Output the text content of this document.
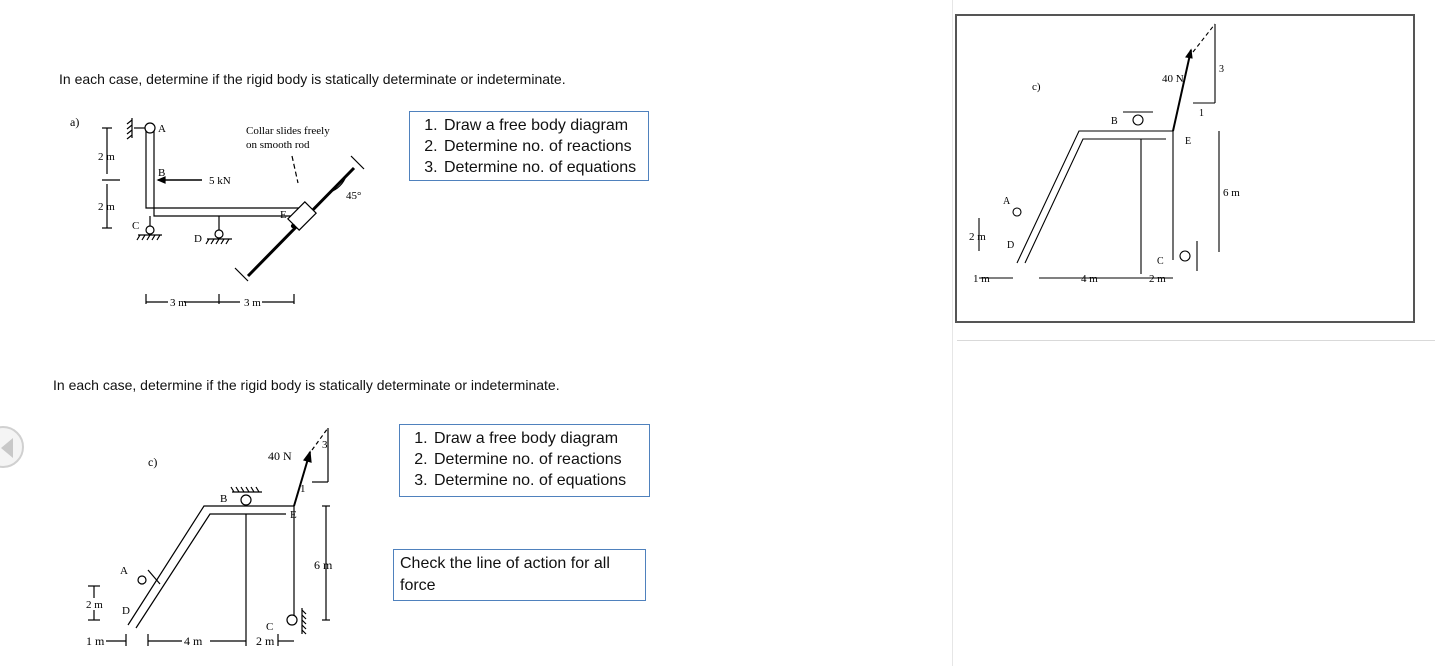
In each case, determine if the rigid body is statically determinate or indeterminate.
a)	A
B
C
D
E
5 kN
Collar slides freely
on smooth rod
45°
2 m
2 m
3 m	3 m
1. Draw a free body diagram
2. Determine no. of reactions
3. Determine no. of equations
c)
40 N
3
1
B
E
6 m
A
D
C
2 m
1 m	4 m	2 m
In each case, determine if the rigid body is statically determinate or indeterminate.
c)	40 N
3
1
B
E
6 m
A
D
C
2 m
1 m	4 m	2 m
1. Draw a free body diagram
2. Determine no. of reactions
3. Determine no. of equations
Check the line of action for all force
